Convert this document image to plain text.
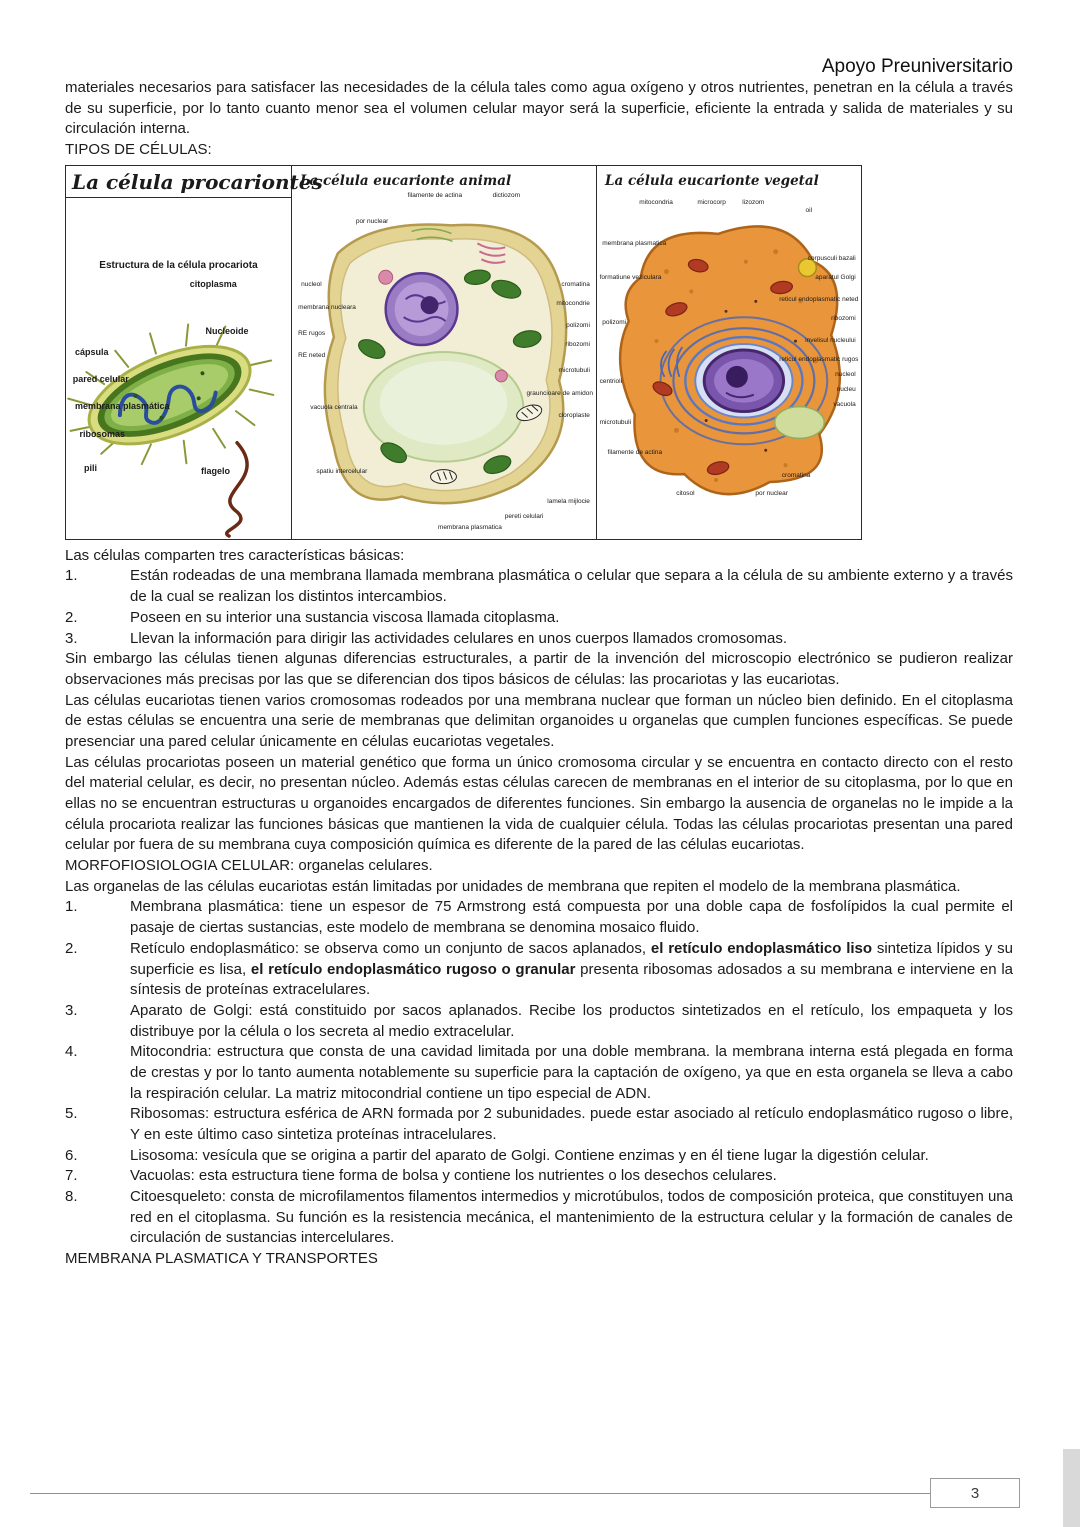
Apoyo Preuniversitario

materiales necesarios para satisfacer las necesidades de la célula tales como agua oxígeno y otros nutrientes, penetran en la célula a través de su superficie, por lo tanto cuanto menor sea el volumen celular mayor será la superficie, eficiente la entrada y salida de materiales y su circulación interna.

TIPOS DE CÉLULAS:
La célula procariontes
Estructura de la célula procariota
citoplasma
Nucleoide
cápsula
pared celular
membrana plasmática
ribosomas
pili	flagelo
La célula eucarionte animal
filamente de actina	dictiozom
por nuclear
nucleol
membrana nucleara
RE rugos
RE neted
vacuola centrala
spatiu intercelular
membrana plasmatica
pereti celulari
lamela mijlocie
cromatina
mitocondrie
polizomi
ribozomi
microtubuli
grauncioare de amidon
cloroplaste
La célula eucarionte vegetal
mitocondria	microcorp	lizozom
oil
membrana plasmatica
corpusculi bazali
formatiune veziculara	aparatul Golgi
reticul endoplasmatic neted
ribozomi
polizomi
invelisul nucleului
reticul endoplasmatic rugos
nucleol
centrioli
nucleu
vacuola
microtubuli
filamente de actina
cromatina
citosol	por nuclear

Las células comparten tres características básicas:

1.	Están rodeadas de una membrana llamada membrana plasmática o celular que separa a la célula de su ambiente externo y a través de la cual se realizan los distintos intercambios.
2.	Poseen en su interior una sustancia viscosa llamada citoplasma.
3.	Llevan la información para dirigir las actividades celulares en unos cuerpos llamados cromosomas.

Sin embargo las células tienen algunas diferencias estructurales, a partir de la invención del microscopio electrónico se pudieron realizar observaciones más precisas por las que se diferencian dos tipos básicos de células: las procariotas y las eucariotas.

Las células eucariotas tienen varios cromosomas rodeados por una membrana nuclear que forman un núcleo bien definido. En el citoplasma de estas células se encuentra una serie de membranas que delimitan organoides u organelas que cumplen funciones específicas. Se puede presenciar una pared celular únicamente en células eucariotas vegetales.

Las células procariotas poseen un material genético que forma un único cromosoma circular y se encuentra en contacto directo con el resto del material celular, es decir, no presentan núcleo. Además estas células carecen de membranas en el interior de su citoplasma, por lo que en ellas no se encuentran estructuras u organoides encargados de diferentes funciones. Sin embargo la ausencia de organelas no le impide a la célula procariota realizar las funciones básicas que mantienen la vida de cualquier célula. Todas las células procariotas presentan una pared celular por fuera de su membrana cuya composición química es diferente de la pared de las células eucariotas.

MORFOFIOSIOLOGIA CELULAR: organelas celulares.

Las organelas de las células eucariotas están limitadas por unidades de membrana que repiten el modelo de la membrana plasmática.

1.	Membrana plasmática: tiene un espesor de 75 Armstrong está compuesta por una doble capa de fosfolípidos la cual permite el pasaje de ciertas sustancias, este modelo de membrana se denomina mosaico fluido.
2.	Retículo endoplasmático: se observa como un conjunto de sacos aplanados, el retículo endoplasmático liso sintetiza lípidos y su superficie es lisa, el retículo endoplasmático rugoso o granular presenta ribosomas adosados a su membrana e interviene en la síntesis de proteínas extracelulares.
3.	Aparato de Golgi: está constituido por sacos aplanados. Recibe los productos sintetizados en el retículo, los empaqueta y los distribuye por la célula o los secreta al medio extracelular.
4.	Mitocondria: estructura que consta de una cavidad limitada por una doble membrana. la membrana interna está plegada en forma de crestas y por lo tanto aumenta notablemente su superficie para la captación de oxígeno, ya que en esta organela se lleva a cabo la respiración celular. La matriz mitocondrial contiene un tipo especial de ADN.
5.	Ribosomas: estructura esférica de ARN formada por 2 subunidades. puede estar asociado al retículo endoplasmático rugoso o libre, Y en este último caso sintetiza proteínas intracelulares.
6.	Lisosoma: vesícula que se origina a partir del aparato de Golgi. Contiene enzimas y en él tiene lugar la digestión celular.
7.	Vacuolas: esta estructura tiene forma de bolsa y contiene los nutrientes o los desechos celulares.
8.	Citoesqueleto: consta de microfilamentos filamentos intermedios y microtúbulos, todos de composición proteica, que constituyen una red en el citoplasma. Su función es la resistencia mecánica, el mantenimiento de la estructura celular y la formación de canales de circulación de sustancias intercelulares.
MEMBRANA PLASMATICA Y TRANSPORTES
3
